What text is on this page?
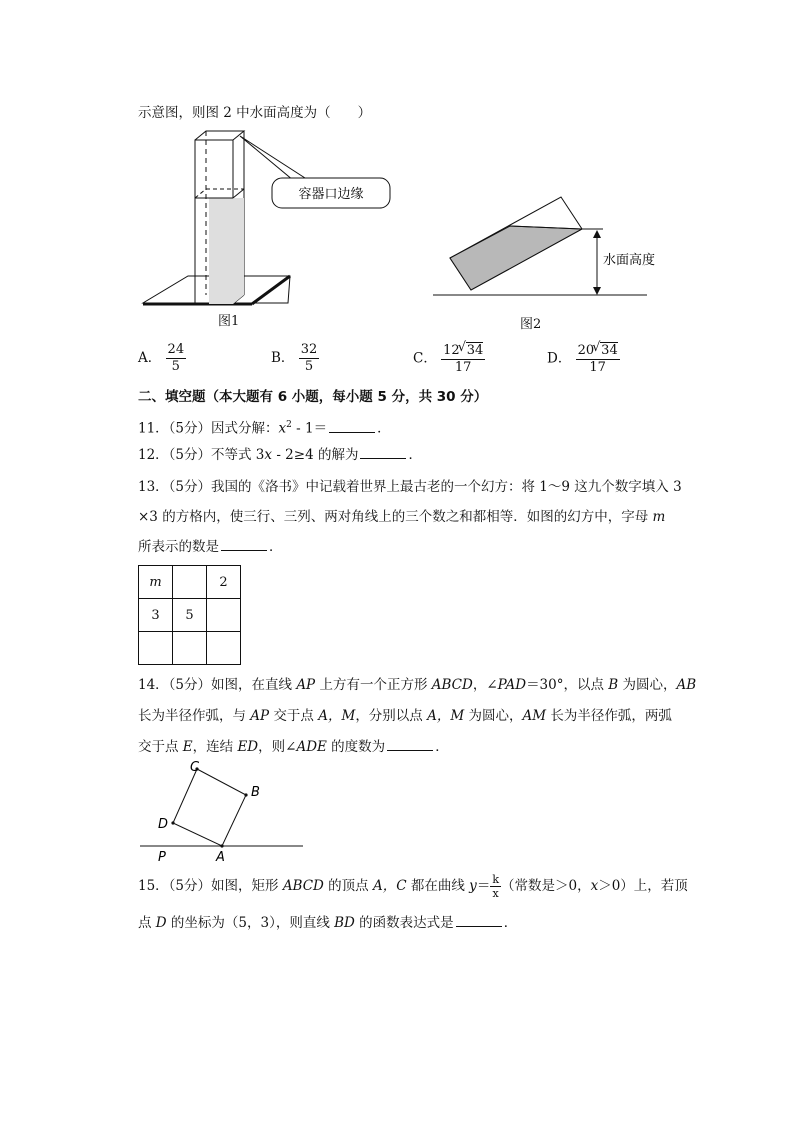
示意图，则图 2 中水面高度为（　　）
容器口边缘
图1
水面高度
图2
A． $\frac{24}{5}$	B． $\frac{32}{5}$	C． $\frac{12 √ 34}{17}$	D． $\frac{20 √ 34}{17}$
二、填空题（本大题有 6 小题，每小题 5 分，共 30 分）
11．（5分）因式分解：$x^2 - 1=$	．
12．（5分）不等式 3x - 2≥4 的解为	．
13．（5分）我国的《洛书》中记载着世界上最古老的一个幻方：将 1～9 这九个数字填入 3
×3 的方格内，使三行、三列、两对角线上的三个数之和都相等．如图的幻方中，字母 m
所表示的数是	．
m		2
3	5	

14．（5分）如图，在直线 AP 上方有一个正方形 ABCD，∠PAD＝30°，以点 B 为圆心，AB
长为半径作弧，与 AP 交于点 A，M，分别以点 A，M 为圆心，AM 长为半径作弧，两弧
交于点 E，连结 ED，则∠ADE 的度数为	．
C
B
D
P	A
15．（5分）如图，矩形 ABCD 的顶点 A，C 都在曲线 $y= \frac{k}{x}$ （常数是＞0，x＞0）上，若顶
点 D 的坐标为（5，3），则直线 BD 的函数表达式是	．
